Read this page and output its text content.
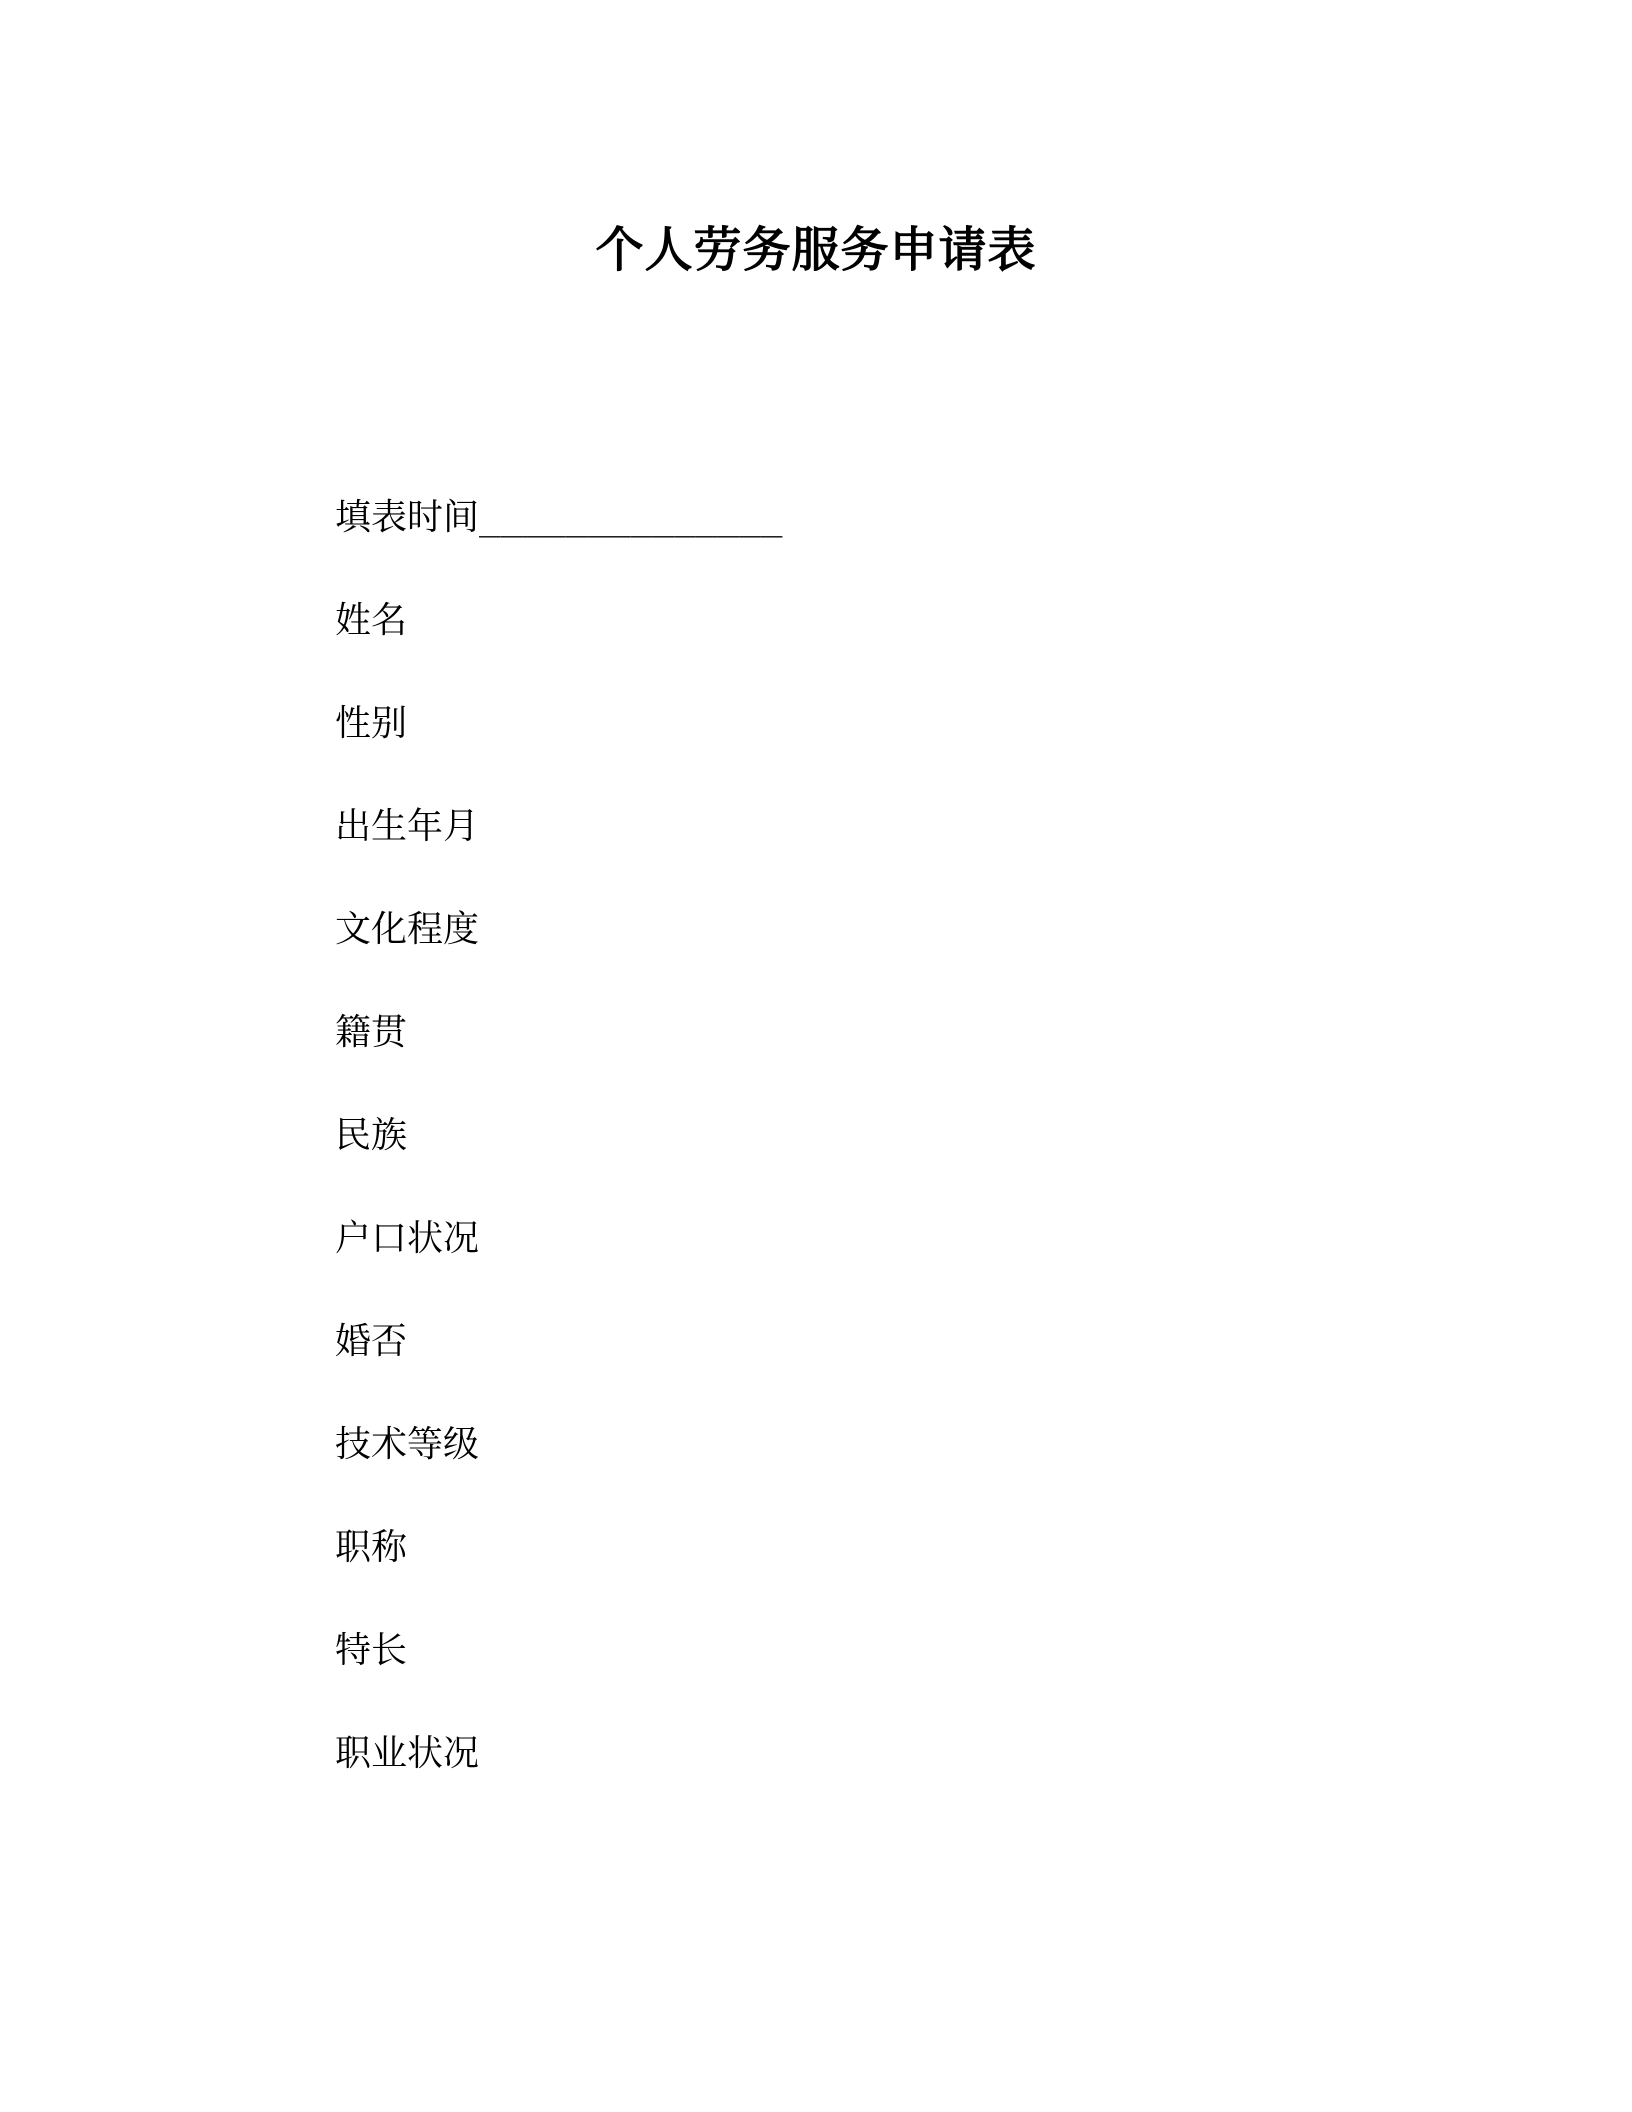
个人劳务服务申请表
填表时间______________
姓名
性别
出生年月
文化程度
籍贯
民族
户口状况
婚否
技术等级
职称
特长
职业状况
